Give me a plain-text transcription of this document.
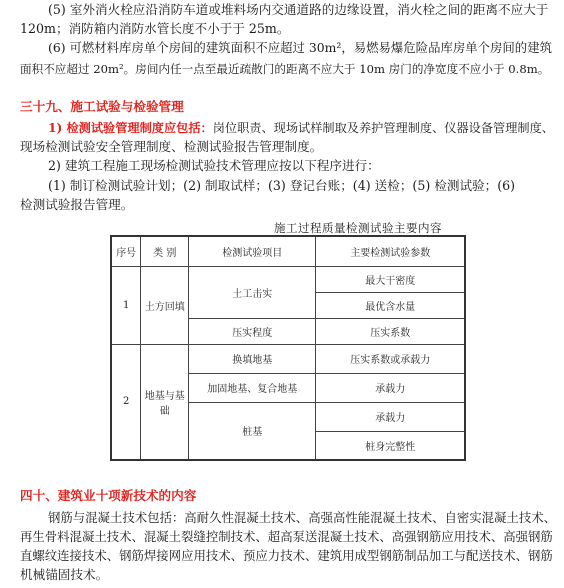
(5) 室外消火栓应沿消防车道或堆料场内交通道路的边缘设置，消火栓之间的距离不应大于
120m；消防箱内消防水管长度不小于于 25m。
(6) 可燃材料库房单个房间的建筑面积不应超过 30m²，易燃易爆危险品库房单个房间的建筑
面积不应超过 20m²。房间内任一点至最近疏散门的距离不应大于 10m 房门的净宽度不应小于 0.8m。
三十九、施工试验与检验管理
1) 检测试验管理制度应包括：岗位职责、现场试样制取及养护管理制度、仪器设备管理制度、
现场检测试验安全管理制度、检测试验报告管理制度。
2) 建筑工程施工现场检测试验技术管理应按以下程序进行：
(1) 制订检测试验计划；(2) 制取试样；(3) 登记台账；(4) 送检；(5) 检测试验；(6)
检测试验报告管理。
施工过程质量检测试验主要内容
序号	类 别	检测试验项目	主要检测试验参数
1	土方回填	土工击实	最大干密度
			最优含水量
		压实程度	压实系数
2	地基与基础	换填地基	压实系数或承载力
		加固地基、复合地基	承载力
		桩基	承载力
			桩身完整性
四十、建筑业十项新技术的内容
钢筋与混凝土技术包括：高耐久性混凝土技术、高强高性能混凝土技术、自密实混凝土技术、
再生骨料混凝土技术、混凝土裂缝控制技术、超高泵送混凝土技术、高强钢筋应用技术、高强钢筋
直螺纹连接技术、钢筋焊接网应用技术、预应力技术、建筑用成型钢筋制品加工与配送技术、钢筋
机械锚固技术。
